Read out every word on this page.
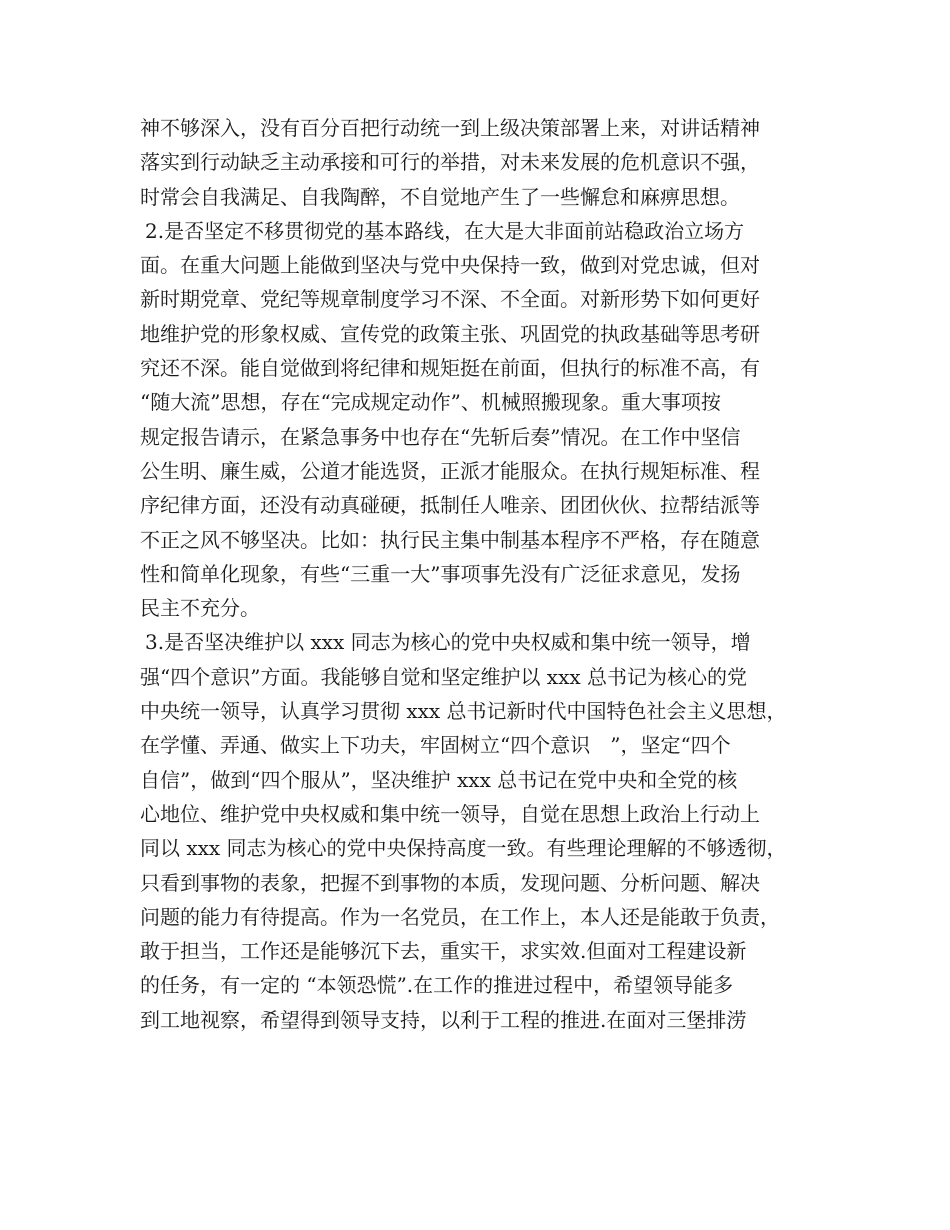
神不够深入，没有百分百把行动统一到上级决策部署上来，对讲话精神
落实到行动缺乏主动承接和可行的举措，对未来发展的危机意识不强，
时常会自我满足、自我陶醉，不自觉地产生了一些懈怠和麻痹思想。
2.是否坚定不移贯彻党的基本路线，在大是大非面前站稳政治立场方
面。在重大问题上能做到坚决与党中央保持一致，做到对党忠诚，但对
新时期党章、党纪等规章制度学习不深、不全面。对新形势下如何更好
地维护党的形象权威、宣传党的政策主张、巩固党的执政基础等思考研
究还不深。能自觉做到将纪律和规矩挺在前面，但执行的标准不高，有
“随大流”思想，存在“完成规定动作”、机械照搬现象。重大事项按
规定报告请示，在紧急事务中也存在“先斩后奏”情况。在工作中坚信
公生明、廉生威，公道才能选贤，正派才能服众。在执行规矩标准、程
序纪律方面，还没有动真碰硬，抵制任人唯亲、团团伙伙、拉帮结派等
不正之风不够坚决。比如：执行民主集中制基本程序不严格，存在随意
性和简单化现象，有些“三重一大”事项事先没有广泛征求意见，发扬
民主不充分。
3.是否坚决维护以 xxx 同志为核心的党中央权威和集中统一领导，增
强“四个意识”方面。我能够自觉和坚定维护以 xxx 总书记为核心的党
中央统一领导，认真学习贯彻 xxx 总书记新时代中国特色社会主义思想，
在学懂、弄通、做实上下功夫，牢固树立“四个意识　”，坚定“四个
自信”，做到“四个服从”，坚决维护 xxx 总书记在党中央和全党的核
心地位、维护党中央权威和集中统一领导，自觉在思想上政治上行动上
同以 xxx 同志为核心的党中央保持高度一致。有些理论理解的不够透彻，
只看到事物的表象，把握不到事物的本质，发现问题、分析问题、解决
问题的能力有待提高。作为一名党员，在工作上，本人还是能敢于负责，
敢于担当，工作还是能够沉下去，重实干，求实效.但面对工程建设新
的任务，有一定的 “本领恐慌”.在工作的推进过程中，希望领导能多
到工地视察，希望得到领导支持，以利于工程的推进.在面对三堡排涝
